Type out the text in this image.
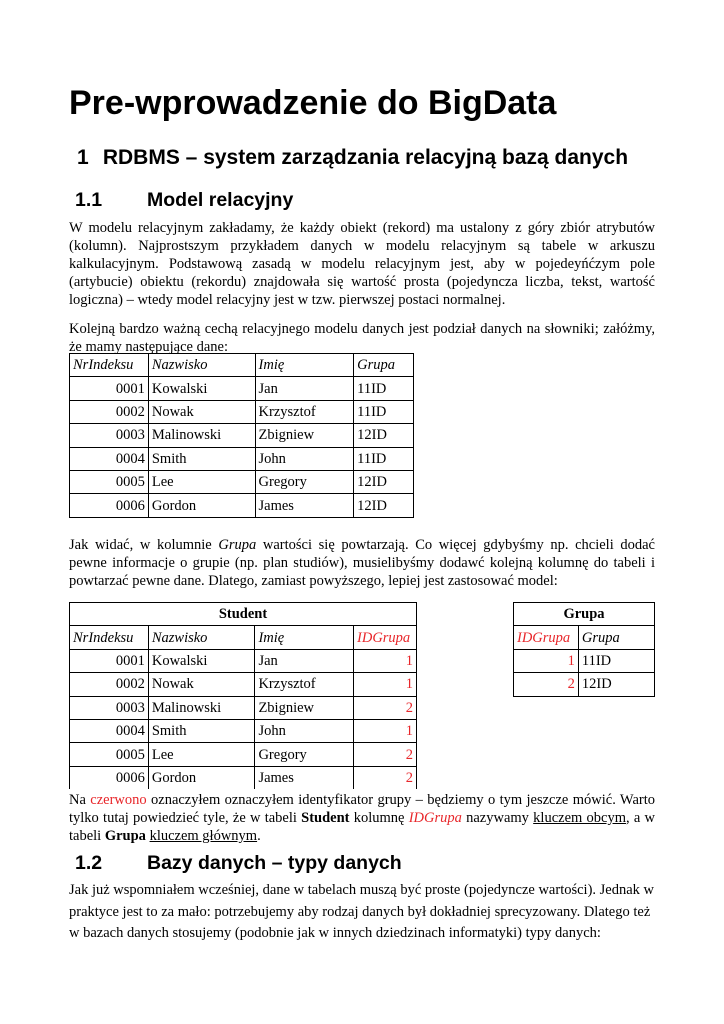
Pre-wprowadzenie do BigData
1 RDBMS – system zarządzania relacyjną bazą danych
1.1 Model relacyjny

W modelu relacyjnym zakładamy, że każdy obiekt (rekord) ma ustalony z góry zbiór atrybutów (kolumn). Najprostszym przykładem danych w modelu relacyjnym są tabele w arkuszu kalkulacyjnym. Podstawową zasadą w modelu relacyjnym jest, aby w pojedeyńćzym pole (artybucie) obiektu (rekordu) znajdowała się wartość prosta (pojedyncza liczba, tekst, wartość logiczna) – wtedy model relacyjny jest w tzw. pierwszej postaci normalnej.

Kolejną bardzo ważną cechą relacyjnego modelu danych jest podział danych na słowniki; załóżmy, że mamy następujące dane:

NrIndeksu	Nazwisko	Imię	Grupa
0001	Kowalski	Jan	11ID
0002	Nowak	Krzysztof	11ID
0003	Malinowski	Zbigniew	12ID
0004	Smith	John	11ID
0005	Lee	Gregory	12ID
0006	Gordon	James	12ID

Jak widać, w kolumnie Grupa wartości się powtarzają. Co więcej gdybyśmy np. chcieli dodać pewne informacje o grupie (np. plan studiów), musielibyśmy dodawć kolejną kolumnę do tabeli i powtarzać pewne dane. Dlatego, zamiast powyższego, lepiej jest zastosować model:

Student			
NrIndeksu	Nazwisko	Imię	IDGrupa
0001	Kowalski	Jan	1
0002	Nowak	Krzysztof	1
0003	Malinowski	Zbigniew	2
0004	Smith	John	1
0005	Lee	Gregory	2
0006	Gordon	James	2
Grupa	
IDGrupa	Grupa
1	11ID
2	12ID

Na czerwono oznaczyłem oznaczyłem identyfikator grupy – będziemy o tym jeszcze mówić. Warto tylko tutaj powiedzieć tyle, że w tabeli Student kolumnę IDGrupa nazywamy kluczem obcym, a w tabeli Grupa kluczem głównym.

1.2 Bazy danych – typy danych

Jak już wspomniałem wcześniej, dane w tabelach muszą być proste (pojedyncze wartości). Jednak w praktyce jest to za mało: potrzebujemy aby rodzaj danych był dokładniej sprecyzowany. Dlatego też w bazach danych stosujemy (podobnie jak w innych dziedzinach informatyki) typy danych:
